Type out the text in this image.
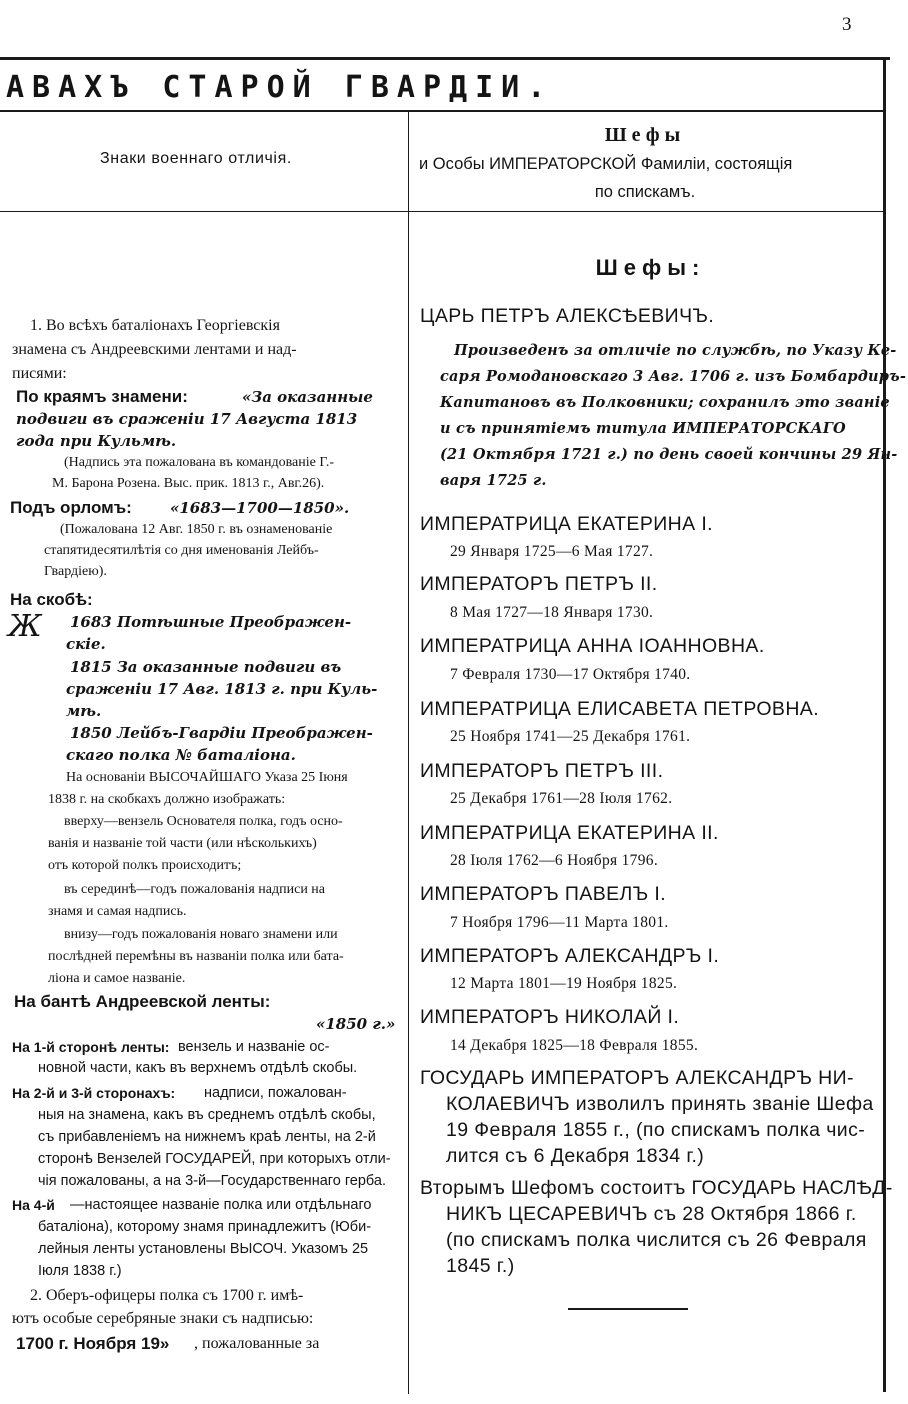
3
АВАХЪ СТАРОЙ ГВАРДІИ.
Знаки военнаго отличія.
Шефы
и Особы ИМПЕРАТОРСКОЙ Фамиліи, состоящія
по спискамъ.
Шефы:
ЦАРЬ ПЕТРЪ АЛЕКСѢЕВИЧЪ.
Произведенъ за отличіе по службѣ, по Указу Ке-
саря Ромодановскаго 3 Авг. 1706 г. изъ Бомбардиръ-
Капитановъ въ Полковники; сохранилъ это званіе
и съ принятіемъ титула ИМПЕРАТОРСКАГО
(21 Октября 1721 г.) по день своей кончины 29 Ян-
варя 1725 г.
ИМПЕРАТРИЦА ЕКАТЕРИНА I.
29 Января 1725—6 Мая 1727.
ИМПЕРАТОРЪ ПЕТРЪ II.
8 Мая 1727—18 Января 1730.
ИМПЕРАТРИЦА АННА ІОАННОВНА.
7 Февраля 1730—17 Октября 1740.
ИМПЕРАТРИЦА ЕЛИСАВЕТА ПЕТРОВНА.
25 Ноября 1741—25 Декабря 1761.
ИМПЕРАТОРЪ ПЕТРЪ III.
25 Декабря 1761—28 Іюля 1762.
ИМПЕРАТРИЦА ЕКАТЕРИНА II.
28 Іюля 1762—6 Ноября 1796.
ИМПЕРАТОРЪ ПАВЕЛЪ I.
7 Ноября 1796—11 Марта 1801.
ИМПЕРАТОРЪ АЛЕКСАНДРЪ I.
12 Марта 1801—19 Ноября 1825.
ИМПЕРАТОРЪ НИКОЛАЙ I.
14 Декабря 1825—18 Февраля 1855.
ГОСУДАРЬ ИМПЕРАТОРЪ АЛЕКСАНДРЪ НИ-
КОЛАЕВИЧЪ изволилъ принять званіе Шефа
19 Февраля 1855 г., (по спискамъ полка чис-
лится съ 6 Декабря 1834 г.)
Вторымъ Шефомъ состоитъ ГОСУДАРЬ НАСЛѢД-
НИКЪ ЦЕСАРЕВИЧЪ съ 28 Октября 1866 г.
(по спискамъ полка числится съ 26 Февраля
1845 г.)
1. Во всѣхъ баталіонахъ Георгіевскія
знамена съ Андреевскими лентами и над-
писями:
По краямъ знамени:	«За оказанные
подвиги въ сраженіи 17 Августа 1813
года при Кульмѣ.
(Надпись эта пожалована въ командованіе Г.-
М. Барона Розена. Выс. прик. 1813 г., Авг.26).
Подъ орломъ:	«1683—1700—1850».
(Пожалована 12 Авг. 1850 г. въ ознаменованіе
стапятидесятилѣтія со дня именованія Лейбъ-
Гвардіею).
На скобѣ:
Ж 1683 Потѣшные Преображен-
скіе.
1815 За оказанные подвиги въ
сраженіи 17 Авг. 1813 г. при Куль-
мѣ.
1850 Лейбъ-Гвардіи Преображен-
скаго полка № баталіона.
На основаніи ВЫСОЧАЙШАГО Указа 25 Іюня
1838 г. на скобкахъ должно изображать:
вверху—вензель Основателя полка, годъ осно-
ванія и названіе той части (или нѣсколькихъ)
отъ которой полкъ происходитъ;
въ серединѣ—годъ пожалованія надписи на
знамя и самая надпись.
внизу—годъ пожалованія новаго знамени или
послѣдней перемѣны въ названіи полка или бата-
ліона и самое названіе.
На бантѣ Андреевской ленты:
«1850 г.»
На 1-й сторонѣ ленты: вензель и названіе ос-
новной части, какъ въ верхнемъ отдѣлѣ скобы.
На 2-й и 3-й сторонахъ: надписи, пожалован-
ныя на знамена, какъ въ среднемъ отдѣлѣ скобы,
съ прибавленіемъ на нижнемъ краѣ ленты, на 2-й
сторонѣ Вензелей ГОСУДАРЕЙ, при которыхъ отли-
чія пожалованы, а на 3-й—Государственнаго герба.
На 4-й —настоящее названіе полка или отдѣльнаго
баталіона), которому знамя принадлежитъ (Юби-
лейныя ленты установлены ВЫСОЧ. Указомъ 25
Іюля 1838 г.)
2. Оберъ-офицеры полка съ 1700 г. имѣ-
ютъ особые серебряные знаки съ надписью:
1700 г. Ноября 19» , пожалованные за
